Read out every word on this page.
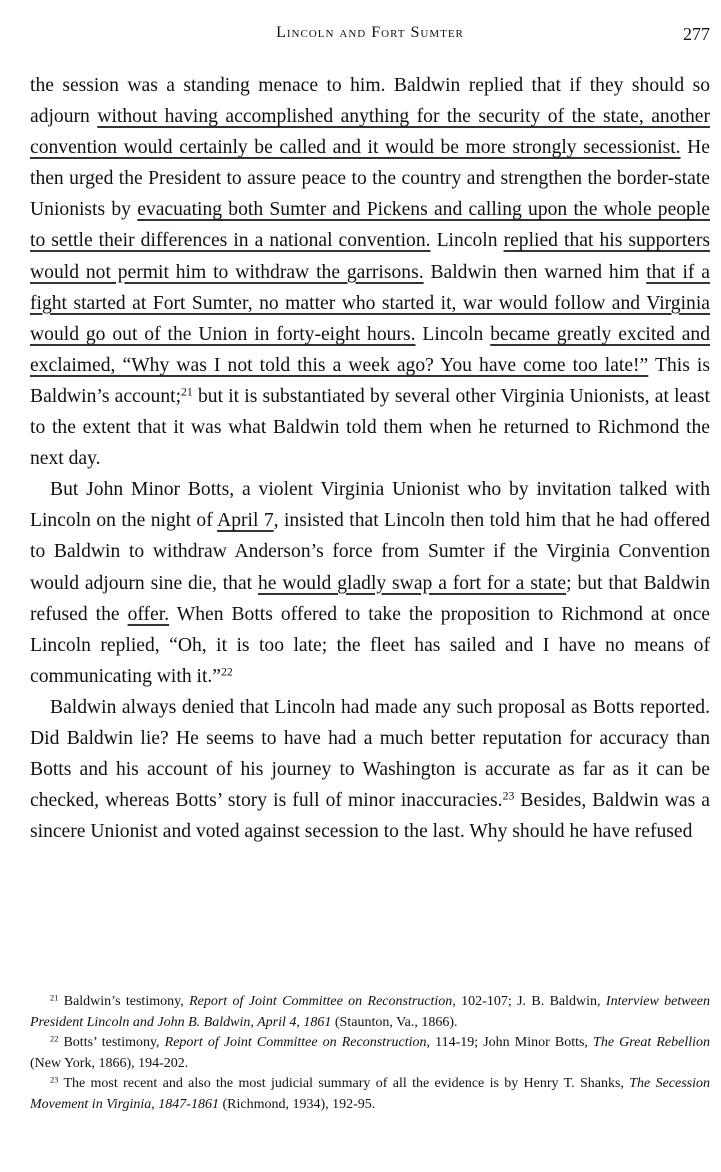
Lincoln and Fort Sumter	277

the session was a standing menace to him. Baldwin replied that if they should so adjourn without having accomplished anything for the security of the state, another convention would certainly be called and it would be more strongly secessionist. He then urged the President to assure peace to the country and strengthen the border-state Unionists by evacuating both Sumter and Pickens and calling upon the whole people to settle their differences in a national convention. Lincoln replied that his supporters would not permit him to withdraw the garrisons. Baldwin then warned him that if a fight started at Fort Sumter, no matter who started it, war would follow and Virginia would go out of the Union in forty-eight hours. Lincoln became greatly excited and exclaimed, “Why was I not told this a week ago? You have come too late!” This is Baldwin’s account;$^{21}$ but it is substantiated by several other Virginia Unionists, at least to the extent that it was what Baldwin told them when he returned to Richmond the next day.

But John Minor Botts, a violent Virginia Unionist who by invitation talked with Lincoln on the night of April 7, insisted that Lincoln then told him that he had offered to Baldwin to withdraw Anderson’s force from Sumter if the Virginia Convention would adjourn sine die, that he would gladly swap a fort for a state; but that Baldwin refused the offer. When Botts offered to take the proposition to Richmond at once Lincoln replied, “Oh, it is too late; the fleet has sailed and I have no means of communicating with it.”$^{22}$

Baldwin always denied that Lincoln had made any such proposal as Botts reported. Did Baldwin lie? He seems to have had a much better reputation for accuracy than Botts and his account of his journey to Washington is accurate as far as it can be checked, whereas Botts’ story is full of minor inaccuracies.$^{23}$ Besides, Baldwin was a sincere Unionist and voted against secession to the last. Why should he have refused

$^{21}$ Baldwin’s testimony, Report of Joint Committee on Reconstruction, 102-107; J. B. Baldwin, Interview between President Lincoln and John B. Baldwin, April 4, 1861 (Staunton, Va., 1866).

$^{22}$ Botts’ testimony, Report of Joint Committee on Reconstruction, 114-19; John Minor Botts, The Great Rebellion (New York, 1866), 194-202.

$^{23}$ The most recent and also the most judicial summary of all the evidence is by Henry T. Shanks, The Secession Movement in Virginia, 1847-1861 (Richmond, 1934), 192-95.
